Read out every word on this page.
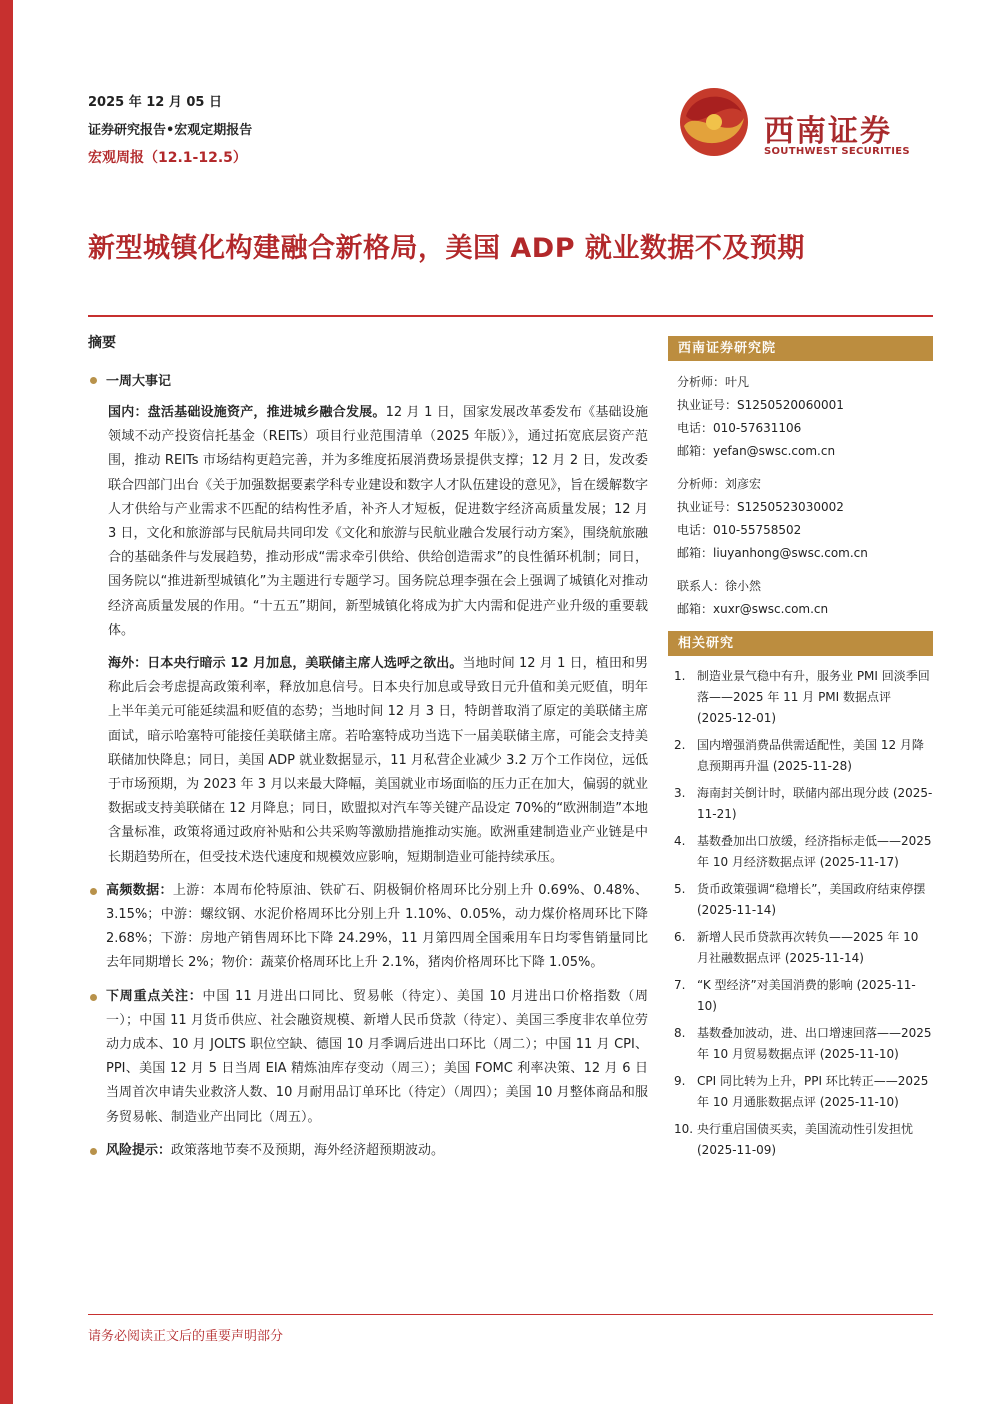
2025 年 12 月 05 日
证券研究报告•宏观定期报告
宏观周报（12.1-12.5）
西南证券
SOUTHWEST SECURITIES
新型城镇化构建融合新格局，美国 ADP 就业数据不及预期
摘要
一周大事记

国内：盘活基础设施资产，推进城乡融合发展。12 月 1 日，国家发展改革委发布《基础设施领域不动产投资信托基金（REITs）项目行业范围清单（2025 年版）》，通过拓宽底层资产范围，推动 REITs 市场结构更趋完善，并为多维度拓展消费场景提供支撑；12 月 2 日，发改委联合四部门出台《关于加强数据要素学科专业建设和数字人才队伍建设的意见》，旨在缓解数字人才供给与产业需求不匹配的结构性矛盾，补齐人才短板，促进数字经济高质量发展；12 月 3 日，文化和旅游部与民航局共同印发《文化和旅游与民航业融合发展行动方案》，围绕航旅融合的基础条件与发展趋势，推动形成“需求牵引供给、供给创造需求”的良性循环机制；同日，国务院以“推进新型城镇化”为主题进行专题学习。国务院总理李强在会上强调了城镇化对推动经济高质量发展的作用。“十五五”期间，新型城镇化将成为扩大内需和促进产业升级的重要载体。

海外：日本央行暗示 12 月加息，美联储主席人选呼之欲出。当地时间 12 月 1 日，植田和男称此后会考虑提高政策利率，释放加息信号。日本央行加息或导致日元升值和美元贬值，明年上半年美元可能延续温和贬值的态势；当地时间 12 月 3 日，特朗普取消了原定的美联储主席面试，暗示哈塞特可能接任美联储主席。若哈塞特成功当选下一届美联储主席，可能会支持美联储加快降息；同日，美国 ADP 就业数据显示，11 月私营企业减少 3.2 万个工作岗位，远低于市场预期，为 2023 年 3 月以来最大降幅，美国就业市场面临的压力正在加大，偏弱的就业数据或支持美联储在 12 月降息；同日，欧盟拟对汽车等关键产品设定 70%的“欧洲制造”本地含量标准，政策将通过政府补贴和公共采购等激励措施推动实施。欧洲重建制造业产业链是中长期趋势所在，但受技术迭代速度和规模效应影响，短期制造业可能持续承压。

高频数据：上游：本周布伦特原油、铁矿石、阴极铜价格周环比分别上升 0.69%、0.48%、3.15%；中游：螺纹钢、水泥价格周环比分别上升 1.10%、0.05%，动力煤价格周环比下降 2.68%；下游：房地产销售周环比下降 24.29%，11 月第四周全国乘用车日均零售销量同比去年同期增长 2%；物价：蔬菜价格周环比上升 2.1%，猪肉价格周环比下降 1.05%。

下周重点关注：中国 11 月进出口同比、贸易帐（待定）、美国 10 月进出口价格指数（周一）；中国 11 月货币供应、社会融资规模、新增人民币贷款（待定）、美国三季度非农单位劳动力成本、10 月 JOLTS 职位空缺、德国 10 月季调后进出口环比（周二）；中国 11 月 CPI、PPI、美国 12 月 5 日当周 EIA 精炼油库存变动（周三）；美国 FOMC 利率决策、12 月 6 日当周首次申请失业救济人数、10 月耐用品订单环比（待定）（周四）；美国 10 月整体商品和服务贸易帐、制造业产出同比（周五）。

风险提示：政策落地节奏不及预期，海外经济超预期波动。

西南证券研究院
分析师：叶凡
执业证号：S1250520060001
电话：010-57631106
邮箱：yefan@swsc.com.cn
分析师：刘彦宏
执业证号：S1250523030002
电话：010-55758502
邮箱：liuyanhong@swsc.com.cn
联系人：徐小然
邮箱：xuxr@swsc.com.cn
相关研究
1. 制造业景气稳中有升，服务业 PMI 回淡季回落——2025 年 11 月 PMI 数据点评 (2025-12-01)
2. 国内增强消费品供需适配性，美国 12 月降息预期再升温 (2025-11-28)
3. 海南封关倒计时，联储内部出现分歧 (2025-11-21)
4. 基数叠加出口放缓，经济指标走低——2025 年 10 月经济数据点评 (2025-11-17)
5. 货币政策强调“稳增长”，美国政府结束停摆 (2025-11-14)
6. 新增人民币贷款再次转负——2025 年 10 月社融数据点评 (2025-11-14)
7. “K 型经济”对美国消费的影响 (2025-11-10)
8. 基数叠加波动，进、出口增速回落——2025 年 10 月贸易数据点评 (2025-11-10)
9. CPI 同比转为上升，PPI 环比转正——2025 年 10 月通胀数据点评 (2025-11-10)
10. 央行重启国债买卖，美国流动性引发担忧 (2025-11-09)
请务必阅读正文后的重要声明部分
